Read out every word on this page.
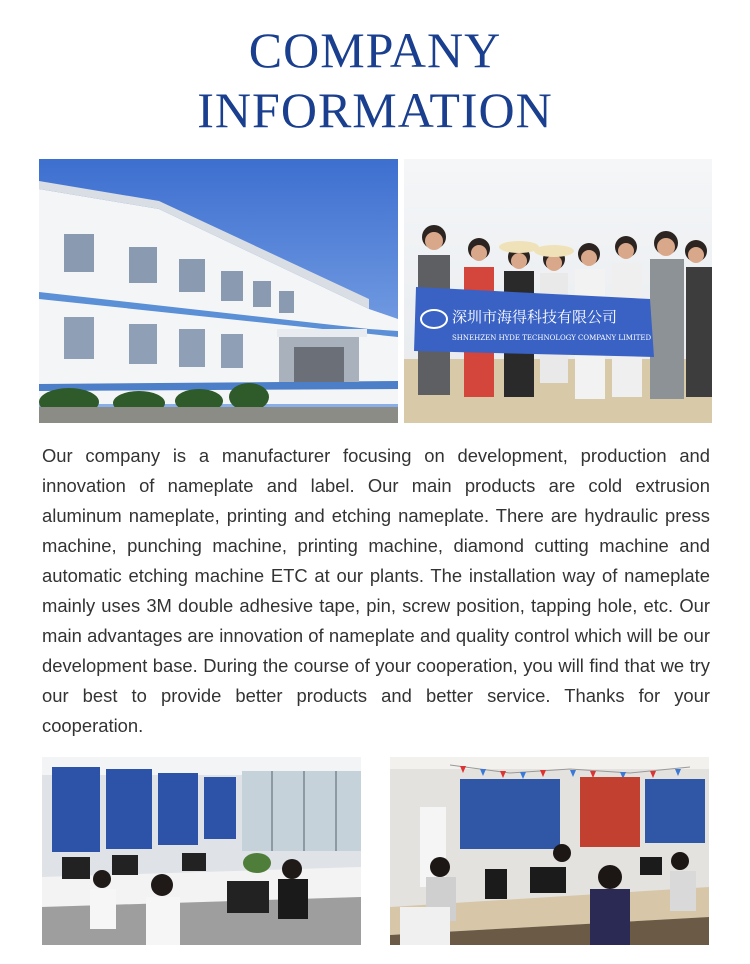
COMPANY
INFORMATION
深圳市海得科技有限公司
SHNEHZEN HYDE TECHNOLOGY COMPANY LIMITED

Our company is a manufacturer focusing on development, production and innovation of nameplate and label. Our main products are cold extrusion aluminum nameplate, printing and etching nameplate. There are hydraulic press machine, punching machine, printing machine, diamond cutting machine and automatic etching machine ETC at our plants. The installation way of nameplate mainly uses 3M double adhesive tape, pin, screw position, tapping hole, etc. Our main advantages are innovation of nameplate and quality control which will be our development base. During the course of your cooperation, you will find that we try our best to provide better products and better service. Thanks for your cooperation.
